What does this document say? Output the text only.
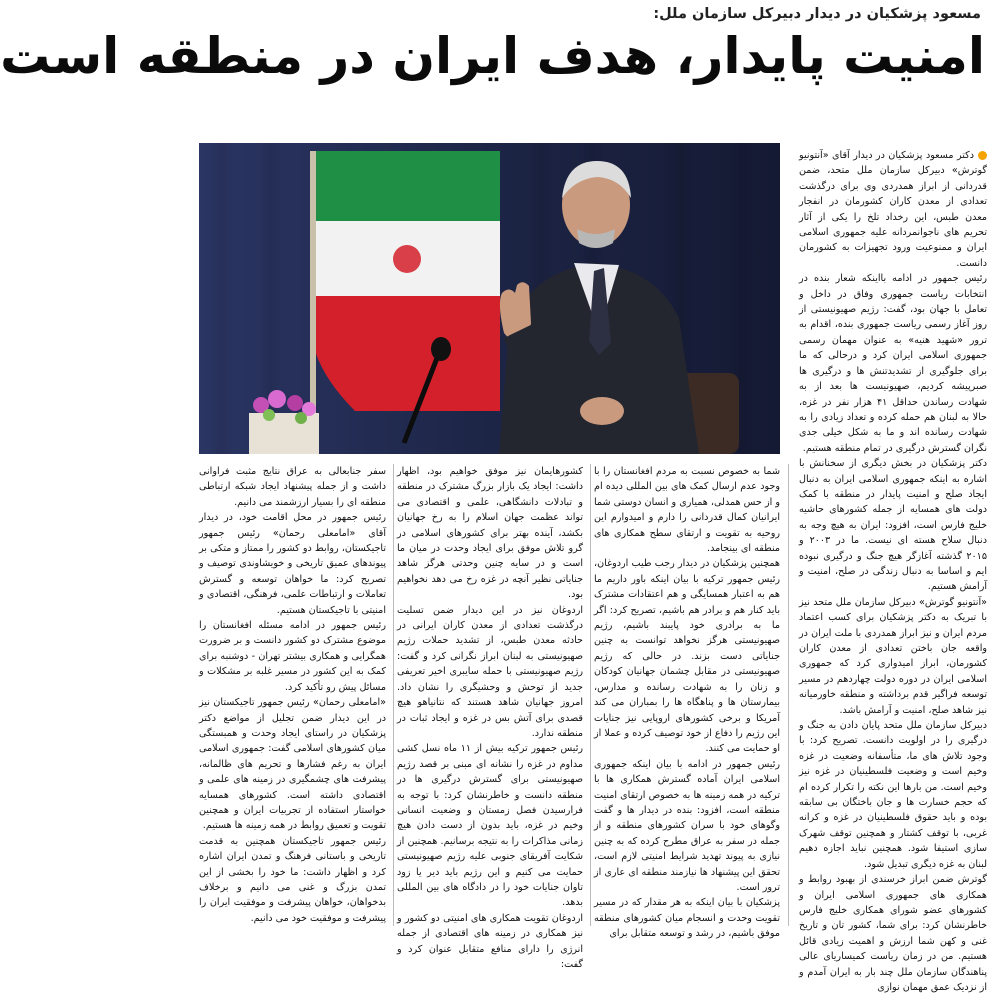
مسعود پزشکیان در دیدار دبیرکل سازمان ملل:
امنیت پایدار، هدف ایران در منطقه است

دکتر مسعود پزشکیان در دیدار آقای «آنتونیو گوترش» دبیرکل سازمان ملل متحد، ضمن قدردانی از ابراز همدردی وی برای درگذشت تعدادی از معدن کاران کشورمان در انفجار معدن طبس، این رخداد تلخ را یکی از آثار تحریم های ناجوانمردانه علیه جمهوری اسلامی ایران و ممنوعیت ورود تجهیزات به کشورمان دانست.

رئیس جمهور در ادامه بااینکه شعار بنده در انتخابات ریاست جمهوری وفاق در داخل و تعامل با جهان بود، گفت: رژیم صهیونیستی از روز آغاز رسمی ریاست جمهوری بنده، اقدام به ترور «شهید هنیه» به عنوان مهمان رسمی جمهوری اسلامی ایران کرد و درحالی که ما برای جلوگیری از تشدیدتنش ها و درگیری ها صبرپیشه کردیم، صهیونیست ها بعد از به شهادت رساندن حداقل ۴۱ هزار نفر در غزه، حالا به لبنان هم حمله کرده و تعداد زیادی را به شهادت رسانده اند و ما به شکل خیلی جدی نگران گسترش درگیری در تمام منطقه هستیم.

دکتر پزشکیان در بخش دیگری از سخنانش با اشاره به اینکه جمهوری اسلامی ایران به دنبال ایجاد صلح و امنیت پایدار در منطقه با کمک دولت های همسایه از جمله کشورهای حاشیه خلیج فارس است، افزود: ایران به هیچ وجه به دنبال سلاح هسته ای نیست. ما در ۲۰۰۳ و ۲۰۱۵ گذشته آغازگر هیچ جنگ و درگیری نبوده ایم و اساسا به دنبال زندگی در صلح، امنیت و آرامش هستیم.

«آنتونیو گوترش» دبیرکل سازمان ملل متحد نیز با تبریک به دکتر پزشکیان برای کسب اعتماد مردم ایران و نیز ابراز همدردی با ملت ایران در واقعه جان باختن تعدادی از معدن کاران کشورمان، ابراز امیدواری کرد که جمهوری اسلامی ایران در دوره دولت چهاردهم در مسیر توسعه فراگیر قدم برداشته و منطقه خاورمیانه نیز شاهد صلح، امنیت و آرامش باشد.

دبیرکل سازمان ملل متحد پایان دادن به جنگ و درگیری را در اولویت دانست. تصریح کرد: با وجود تلاش های ما، متأسفانه وضعیت در غزه وخیم است و وضعیت فلسطینیان در غزه نیز وخیم است. من بارها این نکته را تکرار کرده ام که حجم خسارت ها و جان باختگان بی سابقه بوده و باید حقوق فلسطینیان در غزه و کرانه غربی، با توقف کشتار و همچنین توقف شهرک سازی استیفا شود. همچنین نباید اجازه دهیم لبنان به غزه دیگری تبدیل شود.

گوترش ضمن ابراز خرسندی از بهبود روابط و همکاری های جمهوری اسلامی ایران و کشورهای عضو شورای همکاری خلیج فارس خاطرنشان کرد: برای شما، کشور تان و تاریخ غنی و کهن شما ارزش و اهمیت زیادی قائل هستیم. من در زمان ریاست کمیساریای عالی پناهندگان سازمان ملل چند بار به ایران آمدم و از نزدیک عمق مهمان نوازی

شما به خصوص نسبت به مردم افغانستان را با وجود عدم ارسال کمک های بین المللی دیده ام و از حس همدلی، همیاری و انسان دوستی شما ایرانیان کمال قدردانی را دارم و امیدوارم این روحیه به تقویت و ارتقای سطح همکاری های منطقه ای بینجامد.

همچنین پزشکیان در دیدار رجب طیب اردوغان، رئیس جمهور ترکیه با بیان اینکه باور داریم ما هم به اعتبار همسایگی و هم اعتقادات مشترک باید کنار هم و برادر هم باشیم، تصریح کرد: اگر ما به برادری خود پایبند باشیم، رژیم صهیونیستی هرگز نخواهد توانست به چنین جنایاتی دست بزند. در حالی که رژیم صهیونیستی در مقابل چشمان جهانیان کودکان و زنان را به شهادت رسانده و مدارس، بیمارستان ها و پناهگاه ها را بمباران می کند آمریکا و برخی کشورهای اروپایی نیز جنایات این رژیم را دفاع از خود توصیف کرده و عملا از او حمایت می کنند.

رئیس جمهور در ادامه با بیان اینکه جمهوری اسلامی ایران آماده گسترش همکاری ها با ترکیه در همه زمینه ها به خصوص ارتقای امنیت منطقه است، افزود: بنده در دیدار ها و گفت وگوهای خود با سران کشورهای منطقه و از جمله در سفر به عراق مطرح کرده که به چنین نیازی به پیوند تهدید شرایط امنیتی لازم است، تحقق این پیشنهاد ها نیازمند منطقه ای عاری از ترور است.

پزشکیان با بیان اینکه به هر مقدار که در مسیر تقویت وحدت و انسجام میان کشورهای منطقه موفق باشیم، در رشد و توسعه متقابل برای

کشورهایمان نیز موفق خواهیم بود، اظهار داشت: ایجاد یک بازار بزرگ مشترک در منطقه و تبادلات دانشگاهی، علمی و اقتصادی می تواند عظمت جهان اسلام را به رخ جهانیان بکشد، آینده بهتر برای کشورهای اسلامی در گرو تلاش موفق برای ایجاد وحدت در میان ما است و در سایه چنین وحدتی هرگز شاهد جنایاتی نظیر آنچه در غزه رخ می دهد نخواهیم بود.

اردوغان نیز در این دیدار ضمن تسلیت درگذشت تعدادی از معدن کاران ایرانی در حادثه معدن طبس، از تشدید حملات رژیم صهیونیستی به لبنان ابراز نگرانی کرد و گفت: رژیم صهیونیستی با حمله سایبری اخیر تعریفی جدید از توحش و وحشیگری را نشان داد. امروز جهانیان شاهد هستند که نتانیاهو هیچ قصدی برای آتش بس در غزه و ایجاد ثبات در منطقه ندارد.

رئیس جمهور ترکیه بیش از ۱۱ ماه نسل کشی مداوم در غزه را نشانه ای مبنی بر قصد رژیم صهیونیستی برای گسترش درگیری ها در منطقه دانست و خاطرنشان کرد: با توجه به فرارسیدن فصل زمستان و وضعیت انسانی وخیم در غزه، باید بدون از دست دادن هیچ زمانی مذاکرات را به نتیجه برسانیم. همچنین از شکایت آفریقای جنوبی علیه رژیم صهیونیستی حمایت می کنیم و این رژیم باید دیر یا زود تاوان جنایات خود را در دادگاه های بین المللی بدهد.

اردوغان تقویت همکاری های امنیتی دو کشور و نیز همکاری در زمینه های اقتصادی از جمله انرژی را دارای منافع متقابل عنوان کرد و گفت:

سفر جنابعالی به عراق نتایج مثبت فراوانی داشت و از جمله پیشنهاد ایجاد شبکه ارتباطی منطقه ای را بسیار ارزشمند می دانیم.

رئیس جمهور در محل اقامت خود، در دیدار آقای «امامعلی رحمان» رئیس جمهور تاجیکستان، روابط دو کشور را ممتاز و متکی بر پیوندهای عمیق تاریخی و خویشاوندی توصیف و تصریح کرد: ما خواهان توسعه و گسترش تعاملات و ارتباطات علمی، فرهنگی، اقتصادی و امنیتی با تاجیکستان هستیم.

رئیس جمهور در ادامه مسئله افغانستان را موضوع مشترک دو کشور دانست و بر ضرورت همگرایی و همکاری بیشتر تهران - دوشنبه برای کمک به این کشور در مسیر غلبه بر مشکلات و مسائل پیش رو تأکید کرد.

«امامعلی رحمان» رئیس جمهور تاجیکستان نیز در این دیدار ضمن تجلیل از مواضع دکتر پزشکیان در راستای ایجاد وحدت و همبستگی میان کشورهای اسلامی گفت: جمهوری اسلامی ایران به رغم فشارها و تحریم های ظالمانه، پیشرفت های چشمگیری در زمینه های علمی و اقتصادی داشته است. کشورهای همسایه خواستار استفاده از تجربیات ایران و همچنین تقویت و تعمیق روابط در همه زمینه ها هستیم.

رئیس جمهور تاجیکستان همچنین به قدمت تاریخی و باستانی فرهنگ و تمدن ایران اشاره کرد و اظهار داشت: ما خود را بخشی از این تمدن بزرگ و غنی می دانیم و برخلاف بدخواهان، خواهان پیشرفت و موفقیت ایران را پیشرفت و موفقیت خود می دانیم.
